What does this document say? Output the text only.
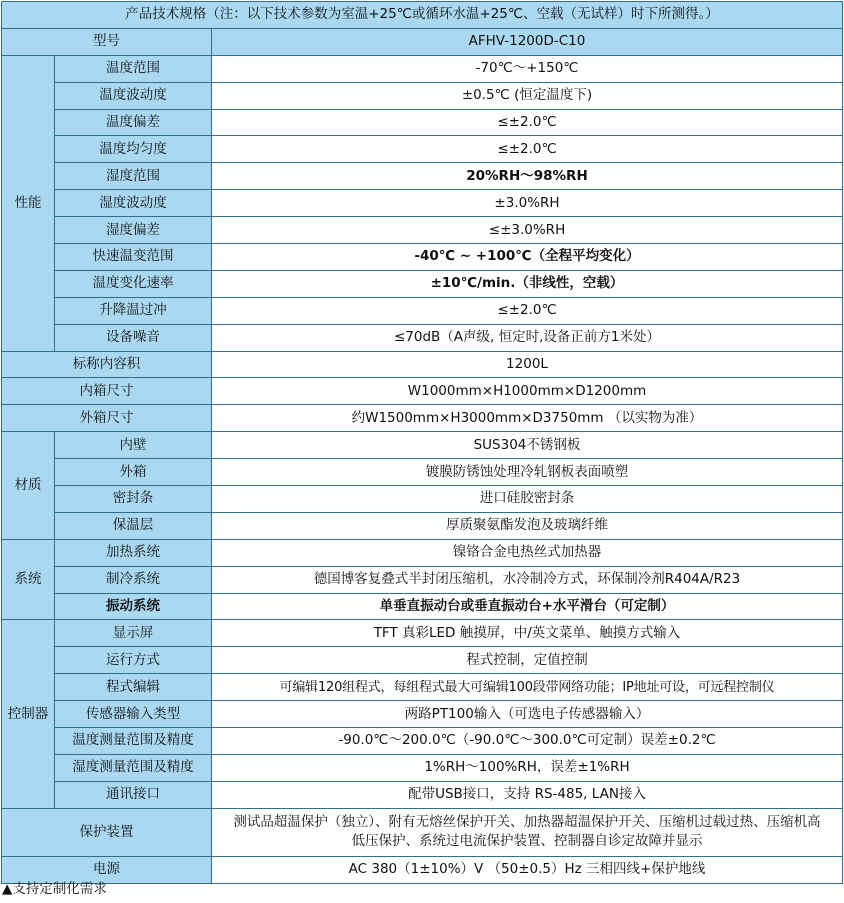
产品技术规格（注：以下技术参数为室温+25℃或循环水温+25℃、空载（无试样）时下所测得。）		
型号		AFHV-1200D-C10
性能	温度范围	-70℃～+150℃
	温度波动度	±0.5℃ (恒定温度下)
	温度偏差	≤±2.0℃
	温度均匀度	≤±2.0℃
	湿度范围	20%RH～98%RH
	湿度波动度	±3.0%RH
	湿度偏差	≤±3.0%RH
	快速温变范围	-40℃ ~ +100℃（全程平均变化）
	温度变化速率	±10℃/min.（非线性，空载）
	升降温过冲	≤±2.0℃
	设备噪音	≤70dB（A声级, 恒定时,设备正前方1米处）
标称内容积		1200L
内箱尺寸		W1000mm×H1000mm×D1200mm
外箱尺寸		约W1500mm×H3000mm×D3750mm （以实物为准）
材质	内壁	SUS304不锈钢板
	外箱	镀膜防锈蚀处理冷轧钢板表面喷塑
	密封条	进口硅胶密封条
	保温层	厚质聚氨酯发泡及玻璃纤维
系统	加热系统	镍铬合金电热丝式加热器
	制冷系统	德国博客复叠式半封闭压缩机，水冷制冷方式，环保制冷剂R404A/R23
	振动系统	单垂直振动台或垂直振动台+水平滑台（可定制）
控制器	显示屏	TFT 真彩LED 触摸屏，中/英文菜单、触摸方式输入
	运行方式	程式控制，定值控制
	程式编辑	可编辑120组程式，每组程式最大可编辑100段带网络功能；IP地址可设，可远程控制仪
	传感器输入类型	两路PT100输入（可选电子传感器输入）
	温度测量范围及精度	-90.0℃～200.0℃（-90.0℃～300.0℃可定制）误差±0.2℃
	湿度测量范围及精度	1%RH～100%RH，误差±1%RH
	通讯接口	配带USB接口，支持 RS-485, LAN接入
保护装置		测试品超温保护（独立）、附有无熔丝保护开关、加热器超温保护开关、压缩机过载过热、压缩机高低压保护、系统过电流保护装置、控制器自诊定故障并显示
电源		AC 380（1±10%）V （50±0.5）Hz 三相四线+保护地线
▲支持定制化需求
